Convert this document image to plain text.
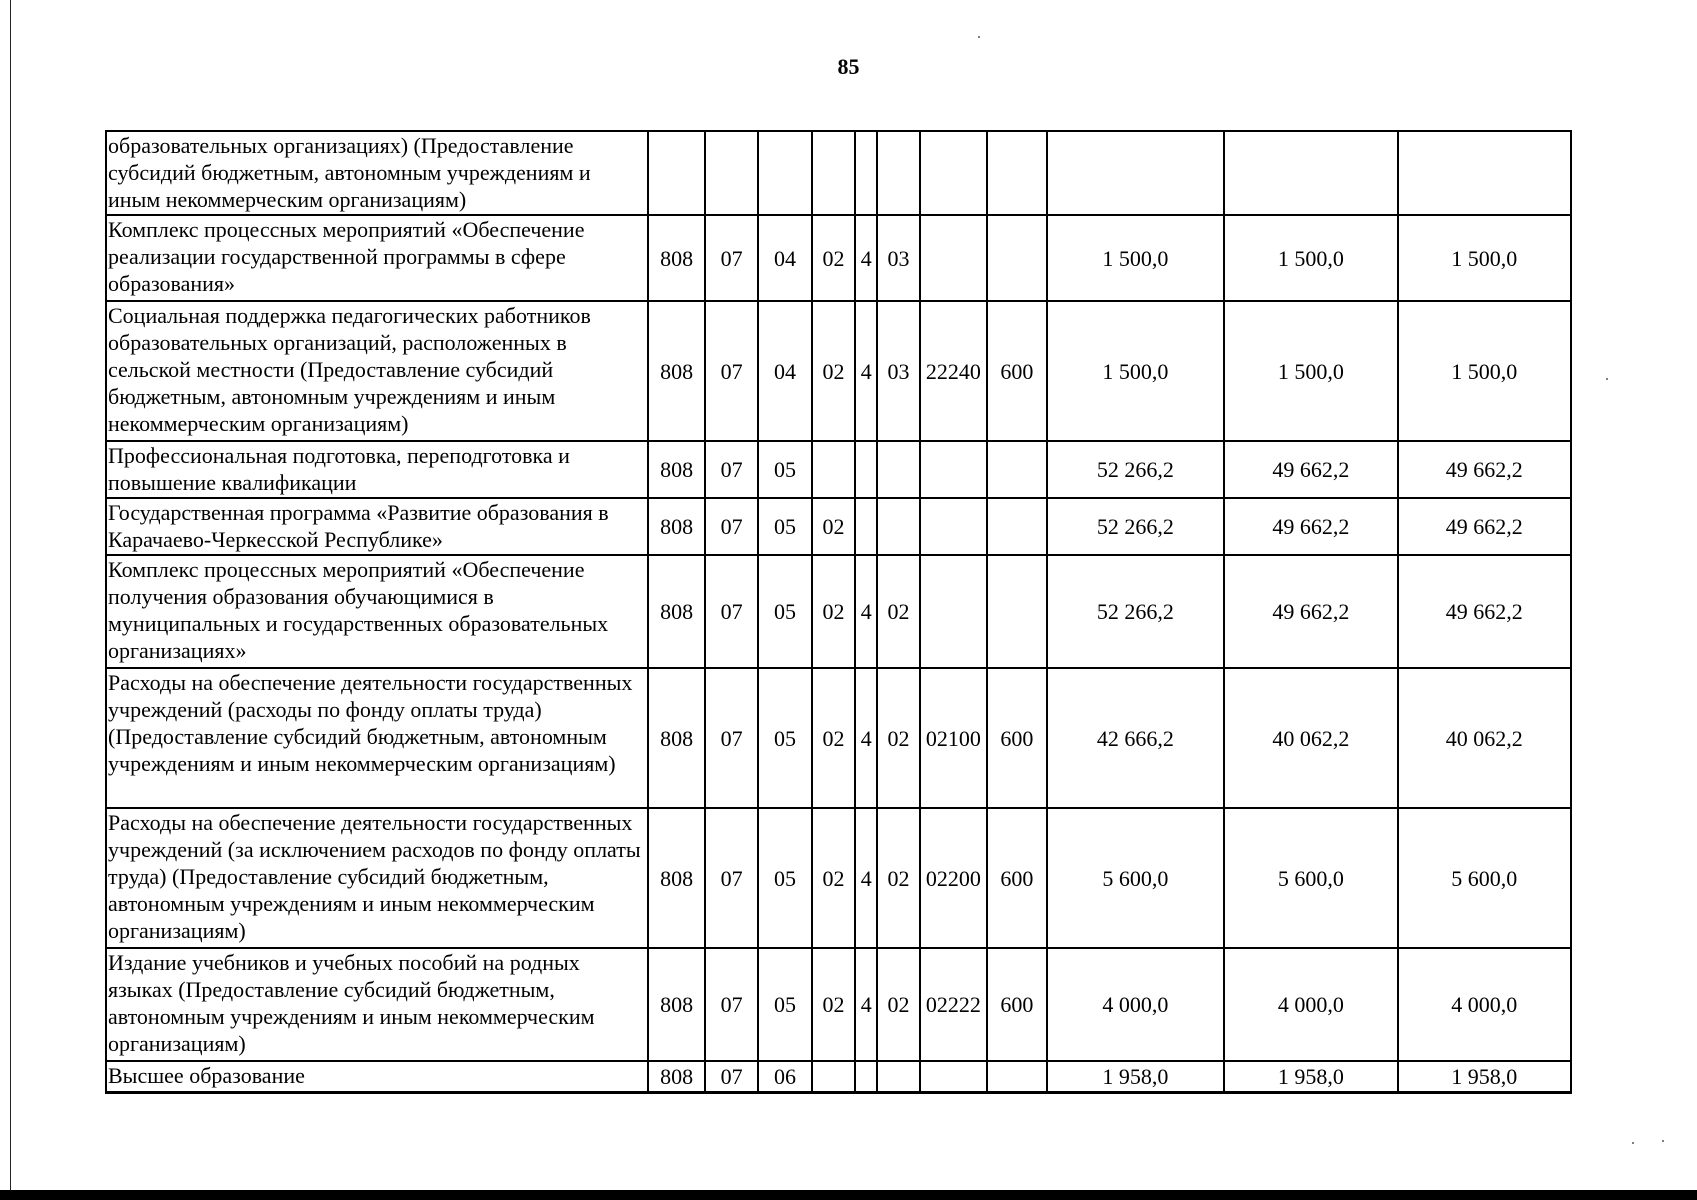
85
образовательных организациях) (Предоставление субсидий бюджетным, автономным учреждениям и иным некоммерческим организациям)											
Комплекс процессных мероприятий «Обеспечение реализации государственной программы в сфере образования»	808	07	04	02	4	03			1 500,0	1 500,0	1 500,0
Социальная поддержка педагогических работников образовательных организаций, расположенных в сельской местности (Предоставление субсидий бюджетным, автономным учреждениям и иным некоммерческим организациям)	808	07	04	02	4	03	22240	600	1 500,0	1 500,0	1 500,0
Профессиональная подготовка, переподготовка и повышение квалификации	808	07	05						52 266,2	49 662,2	49 662,2
Государственная программа «Развитие образования в Карачаево-Черкесской Республике»	808	07	05	02					52 266,2	49 662,2	49 662,2
Комплекс процессных мероприятий «Обеспечение получения образования обучающимися в муниципальных и государственных образовательных организациях»	808	07	05	02	4	02			52 266,2	49 662,2	49 662,2
Расходы на обеспечение деятельности государственных учреждений (расходы по фонду оплаты труда) (Предоставление субсидий бюджетным, автономным учреждениям и иным некоммерческим организациям)	808	07	05	02	4	02	02100	600	42 666,2	40 062,2	40 062,2
Расходы на обеспечение деятельности государственных учреждений (за исключением расходов по фонду оплаты труда) (Предоставление субсидий бюджетным, автономным учреждениям и иным некоммерческим организациям)	808	07	05	02	4	02	02200	600	5 600,0	5 600,0	5 600,0
Издание учебников и учебных пособий на родных языках (Предоставление субсидий бюджетным, автономным учреждениям и иным некоммерческим организациям)	808	07	05	02	4	02	02222	600	4 000,0	4 000,0	4 000,0
Высшее образование	808	07	06						1 958,0	1 958,0	1 958,0
